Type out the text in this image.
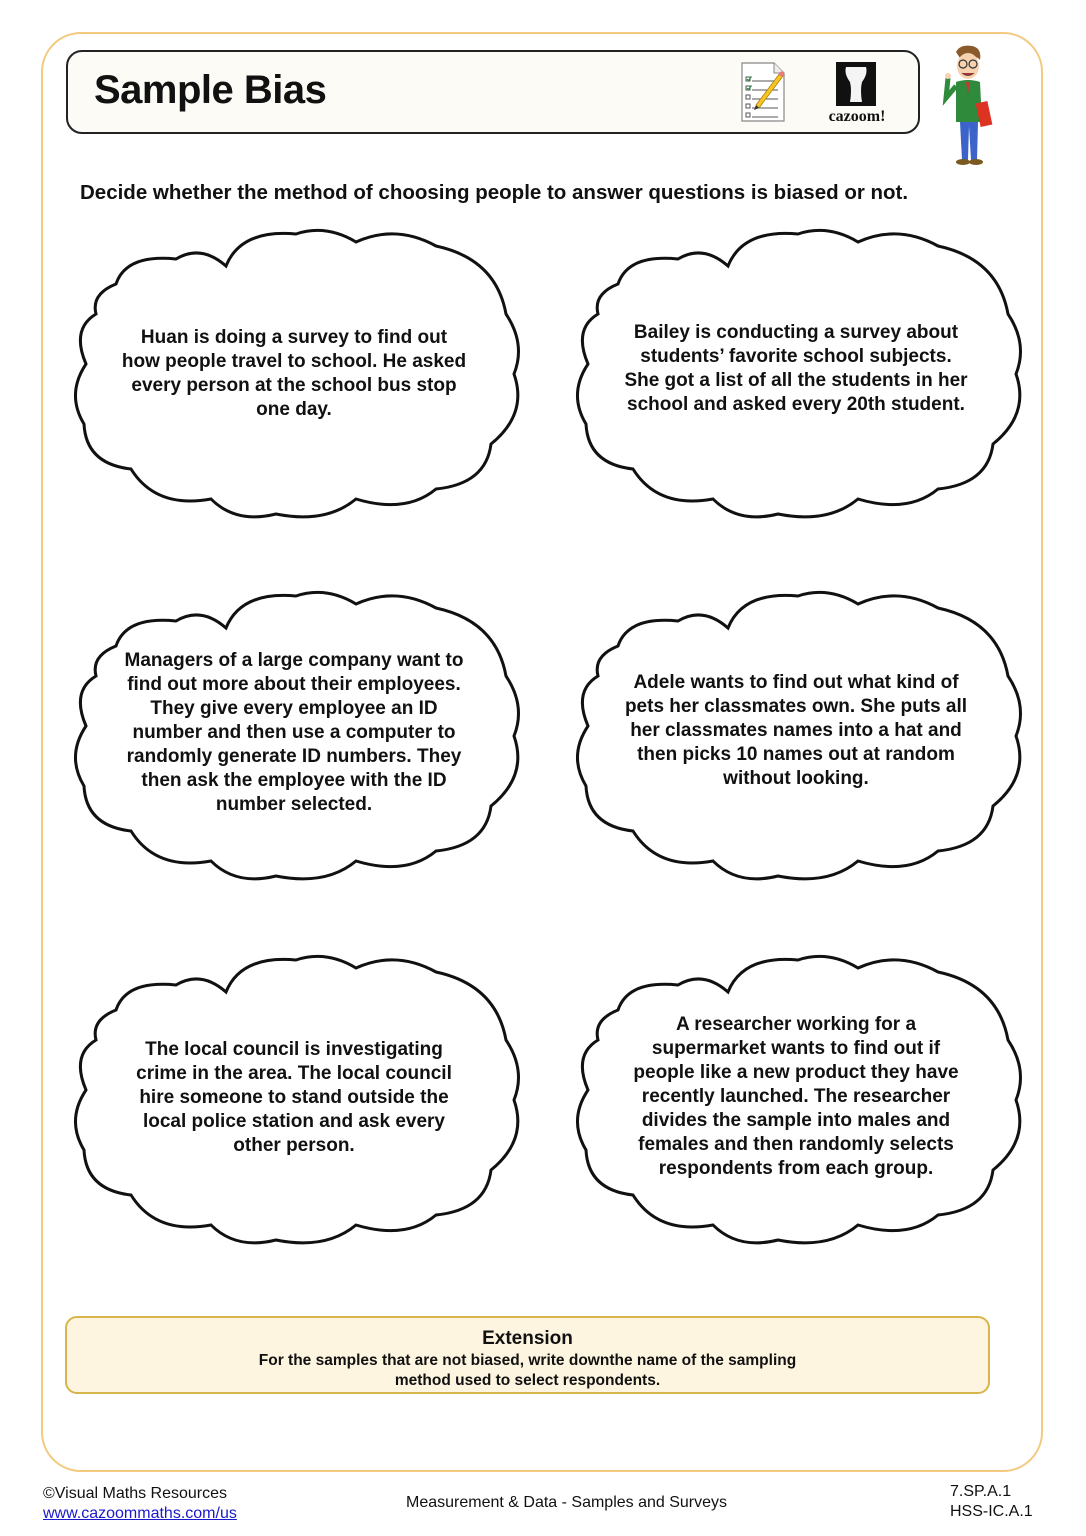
Sample Bias
cazoom!
Decide whether the method of choosing people to answer questions is biased or not.
Huan is doing a survey to find out
how people travel to school. He asked
every person at the school bus stop
one day.
Bailey is conducting a survey about
students’ favorite school subjects.
She got a list of all the students in her
school and asked every 20th student.
Managers of a large company want to
find out more about their employees.
They give every employee an ID
number and then use a computer to
randomly generate ID numbers. They
then ask the employee with the ID
number selected.
Adele wants to find out what kind of
pets her classmates own. She puts all
her classmates names into a hat and
then picks 10 names out at random
without looking.
The local council is investigating
crime in the area. The local council
hire someone to stand outside the
local police station and ask every
other person.
A researcher working for a
supermarket wants to find out if
people like a new product they have
recently launched. The researcher
divides the sample into males and
females and then randomly selects
respondents from each group.
Extension
For the samples that are not biased, write downthe name of the sampling method used to select respondents.
©Visual Maths Resources
www.cazoommaths.com/us
Measurement & Data - Samples and Surveys
7.SP.A.1
HSS-IC.A.1
